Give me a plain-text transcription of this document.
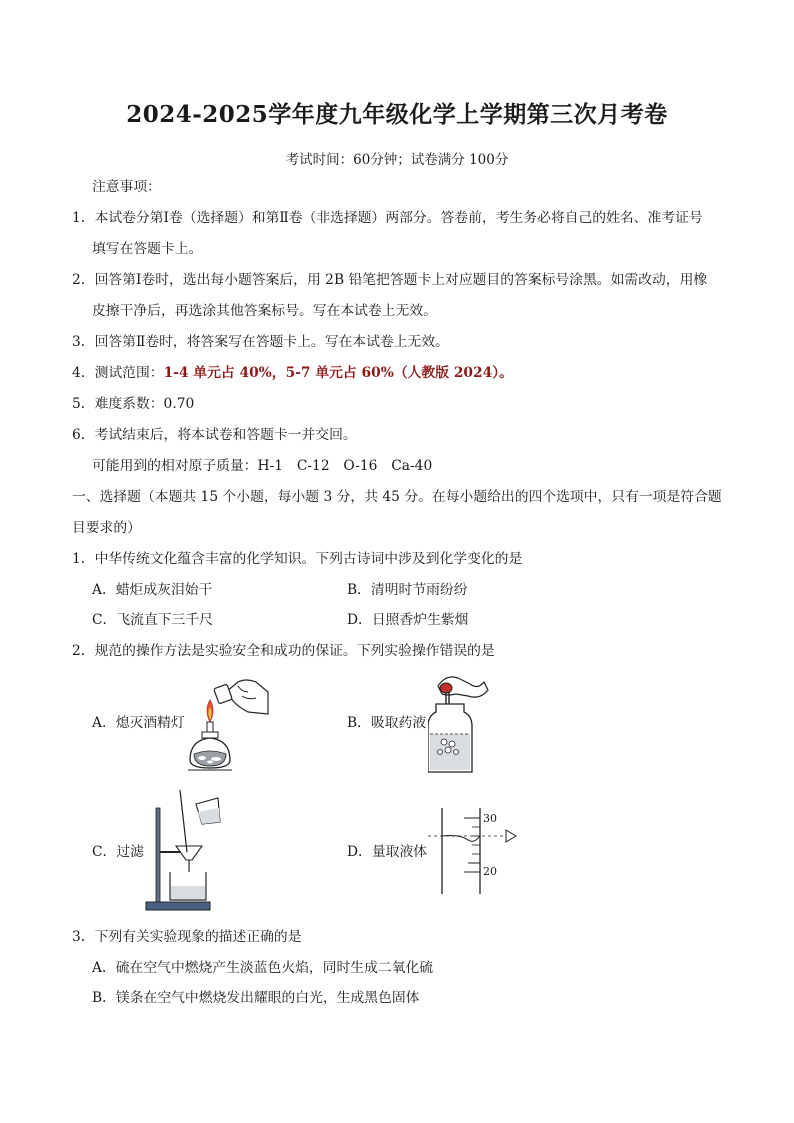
2024-2025学年度九年级化学上学期第三次月考卷
考试时间：60分钟；试卷满分 100分
注意事项：
1．本试卷分第Ⅰ卷（选择题）和第Ⅱ卷（非选择题）两部分。答卷前，考生务必将自己的姓名、准考证号
填写在答题卡上。
2．回答第Ⅰ卷时，选出每小题答案后，用 2B 铅笔把答题卡上对应题目的答案标号涂黑。如需改动，用橡
皮擦干净后，再选涂其他答案标号。写在本试卷上无效。
3．回答第Ⅱ卷时，将答案写在答题卡上。写在本试卷上无效。
4．测试范围：1-4 单元占 40%，5-7 单元占 60%（人教版 2024）。
5．难度系数：0.70
6．考试结束后，将本试卷和答题卡一并交回。
可能用到的相对原子质量：H-1　C-12　O-16　Ca-40
一、选择题（本题共 15 个小题，每小题 3 分，共 45 分。在每小题给出的四个选项中，只有一项是符合题
目要求的）
1．中华传统文化蕴含丰富的化学知识。下列古诗词中涉及到化学变化的是
A．蜡炬成灰泪始干	B．清明时节雨纷纷
C．飞流直下三千尺	D．日照香炉生紫烟
2．规范的操作方法是实验安全和成功的保证。下列实验操作错误的是
A．熄灭酒精灯	B．吸取药液
C．过滤	D．量取液体
30
20
3．下列有关实验现象的描述正确的是
A．硫在空气中燃烧产生淡蓝色火焰，同时生成二氧化硫
B．镁条在空气中燃烧发出耀眼的白光，生成黑色固体
